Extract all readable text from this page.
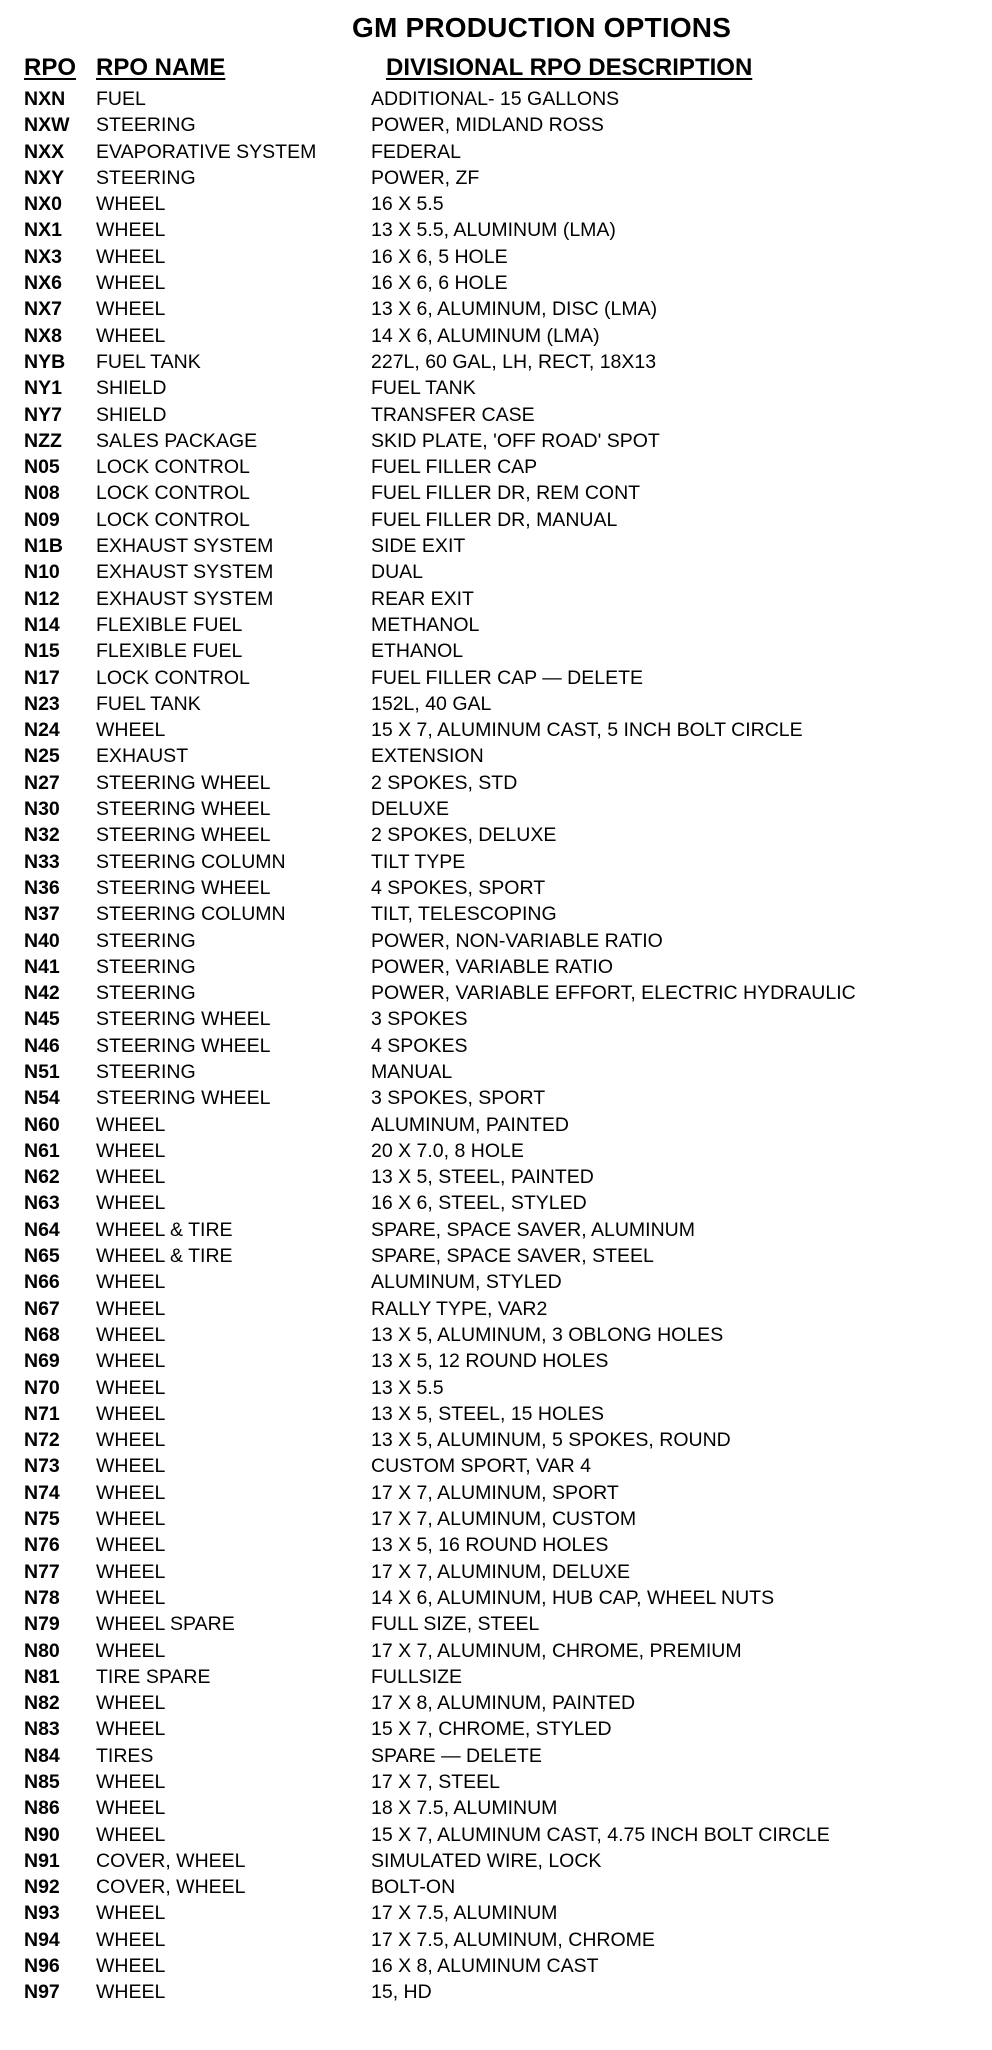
GM PRODUCTION OPTIONS
RPO RPO NAME	DIVISIONAL RPO DESCRIPTION
NXN FUEL	ADDITIONAL- 15 GALLONS
NXW STEERING	POWER, MIDLAND ROSS
NXX EVAPORATIVE SYSTEM	FEDERAL
NXY STEERING	POWER, ZF
NX0 WHEEL	16 X 5.5
NX1 WHEEL	13 X 5.5, ALUMINUM (LMA)
NX3 WHEEL	16 X 6, 5 HOLE
NX6 WHEEL	16 X 6, 6 HOLE
NX7 WHEEL	13 X 6, ALUMINUM, DISC (LMA)
NX8 WHEEL	14 X 6, ALUMINUM (LMA)
NYB FUEL TANK	227L, 60 GAL, LH, RECT, 18X13
NY1 SHIELD	FUEL TANK
NY7 SHIELD	TRANSFER CASE
NZZ SALES PACKAGE	SKID PLATE, 'OFF ROAD' SPOT
N05 LOCK CONTROL	FUEL FILLER CAP
N08 LOCK CONTROL	FUEL FILLER DR, REM CONT
N09 LOCK CONTROL	FUEL FILLER DR, MANUAL
N1B EXHAUST SYSTEM	SIDE EXIT
N10 EXHAUST SYSTEM	DUAL
N12 EXHAUST SYSTEM	REAR EXIT
N14 FLEXIBLE FUEL	METHANOL
N15 FLEXIBLE FUEL	ETHANOL
N17 LOCK CONTROL	FUEL FILLER CAP — DELETE
N23 FUEL TANK	152L, 40 GAL
N24 WHEEL	15 X 7, ALUMINUM CAST, 5 INCH BOLT CIRCLE
N25 EXHAUST	EXTENSION
N27 STEERING WHEEL	2 SPOKES, STD
N30 STEERING WHEEL	DELUXE
N32 STEERING WHEEL	2 SPOKES, DELUXE
N33 STEERING COLUMN	TILT TYPE
N36 STEERING WHEEL	4 SPOKES, SPORT
N37 STEERING COLUMN	TILT, TELESCOPING
N40 STEERING	POWER, NON-VARIABLE RATIO
N41 STEERING	POWER, VARIABLE RATIO
N42 STEERING	POWER, VARIABLE EFFORT, ELECTRIC HYDRAULIC
N45 STEERING WHEEL	3 SPOKES
N46 STEERING WHEEL	4 SPOKES
N51 STEERING	MANUAL
N54 STEERING WHEEL	3 SPOKES, SPORT
N60 WHEEL	ALUMINUM, PAINTED
N61 WHEEL	20 X 7.0, 8 HOLE
N62 WHEEL	13 X 5, STEEL, PAINTED
N63 WHEEL	16 X 6, STEEL, STYLED
N64 WHEEL & TIRE	SPARE, SPACE SAVER, ALUMINUM
N65 WHEEL & TIRE	SPARE, SPACE SAVER, STEEL
N66 WHEEL	ALUMINUM, STYLED
N67 WHEEL	RALLY TYPE, VAR2
N68 WHEEL	13 X 5, ALUMINUM, 3 OBLONG HOLES
N69 WHEEL	13 X 5, 12 ROUND HOLES
N70 WHEEL	13 X 5.5
N71 WHEEL	13 X 5, STEEL, 15 HOLES
N72 WHEEL	13 X 5, ALUMINUM, 5 SPOKES, ROUND
N73 WHEEL	CUSTOM SPORT, VAR 4
N74 WHEEL	17 X 7, ALUMINUM, SPORT
N75 WHEEL	17 X 7, ALUMINUM, CUSTOM
N76 WHEEL	13 X 5, 16 ROUND HOLES
N77 WHEEL	17 X 7, ALUMINUM, DELUXE
N78 WHEEL	14 X 6, ALUMINUM, HUB CAP, WHEEL NUTS
N79 WHEEL SPARE	FULL SIZE, STEEL
N80 WHEEL	17 X 7, ALUMINUM, CHROME, PREMIUM
N81 TIRE SPARE	FULLSIZE
N82 WHEEL	17 X 8, ALUMINUM, PAINTED
N83 WHEEL	15 X 7, CHROME, STYLED
N84 TIRES	SPARE — DELETE
N85 WHEEL	17 X 7, STEEL
N86 WHEEL	18 X 7.5, ALUMINUM
N90 WHEEL	15 X 7, ALUMINUM CAST, 4.75 INCH BOLT CIRCLE
N91 COVER, WHEEL	SIMULATED WIRE, LOCK
N92 COVER, WHEEL	BOLT-ON
N93 WHEEL	17 X 7.5, ALUMINUM
N94 WHEEL	17 X 7.5, ALUMINUM, CHROME
N96 WHEEL	16 X 8, ALUMINUM CAST
N97 WHEEL	15, HD
